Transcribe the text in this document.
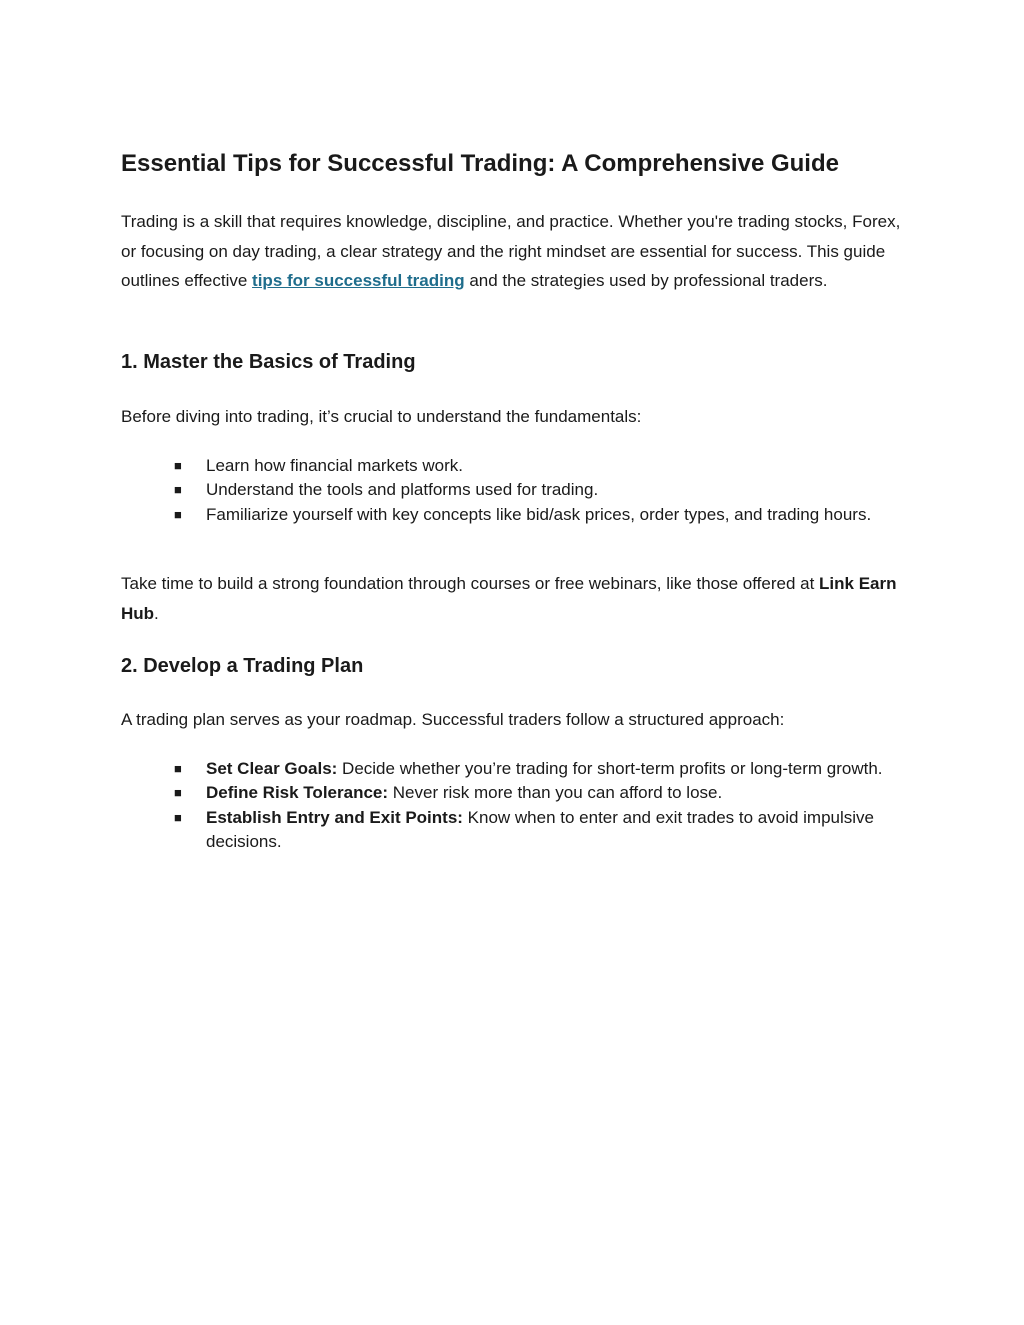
Essential Tips for Successful Trading: A Comprehensive Guide

Trading is a skill that requires knowledge, discipline, and practice. Whether you're trading stocks, Forex, or focusing on day trading, a clear strategy and the right mindset are essential for success. This guide outlines effective tips for successful trading and the strategies used by professional traders.

1. Master the Basics of Trading

Before diving into trading, it’s crucial to understand the fundamentals:

■ Learn how financial markets work.
■ Understand the tools and platforms used for trading.
■ Familiarize yourself with key concepts like bid/ask prices, order types, and trading hours.

Take time to build a strong foundation through courses or free webinars, like those offered at Link Earn Hub.

2. Develop a Trading Plan

A trading plan serves as your roadmap. Successful traders follow a structured approach:

■ Set Clear Goals: Decide whether you’re trading for short-term profits or long-term growth.
■ Define Risk Tolerance: Never risk more than you can afford to lose.
■ Establish Entry and Exit Points: Know when to enter and exit trades to avoid impulsive decisions.
